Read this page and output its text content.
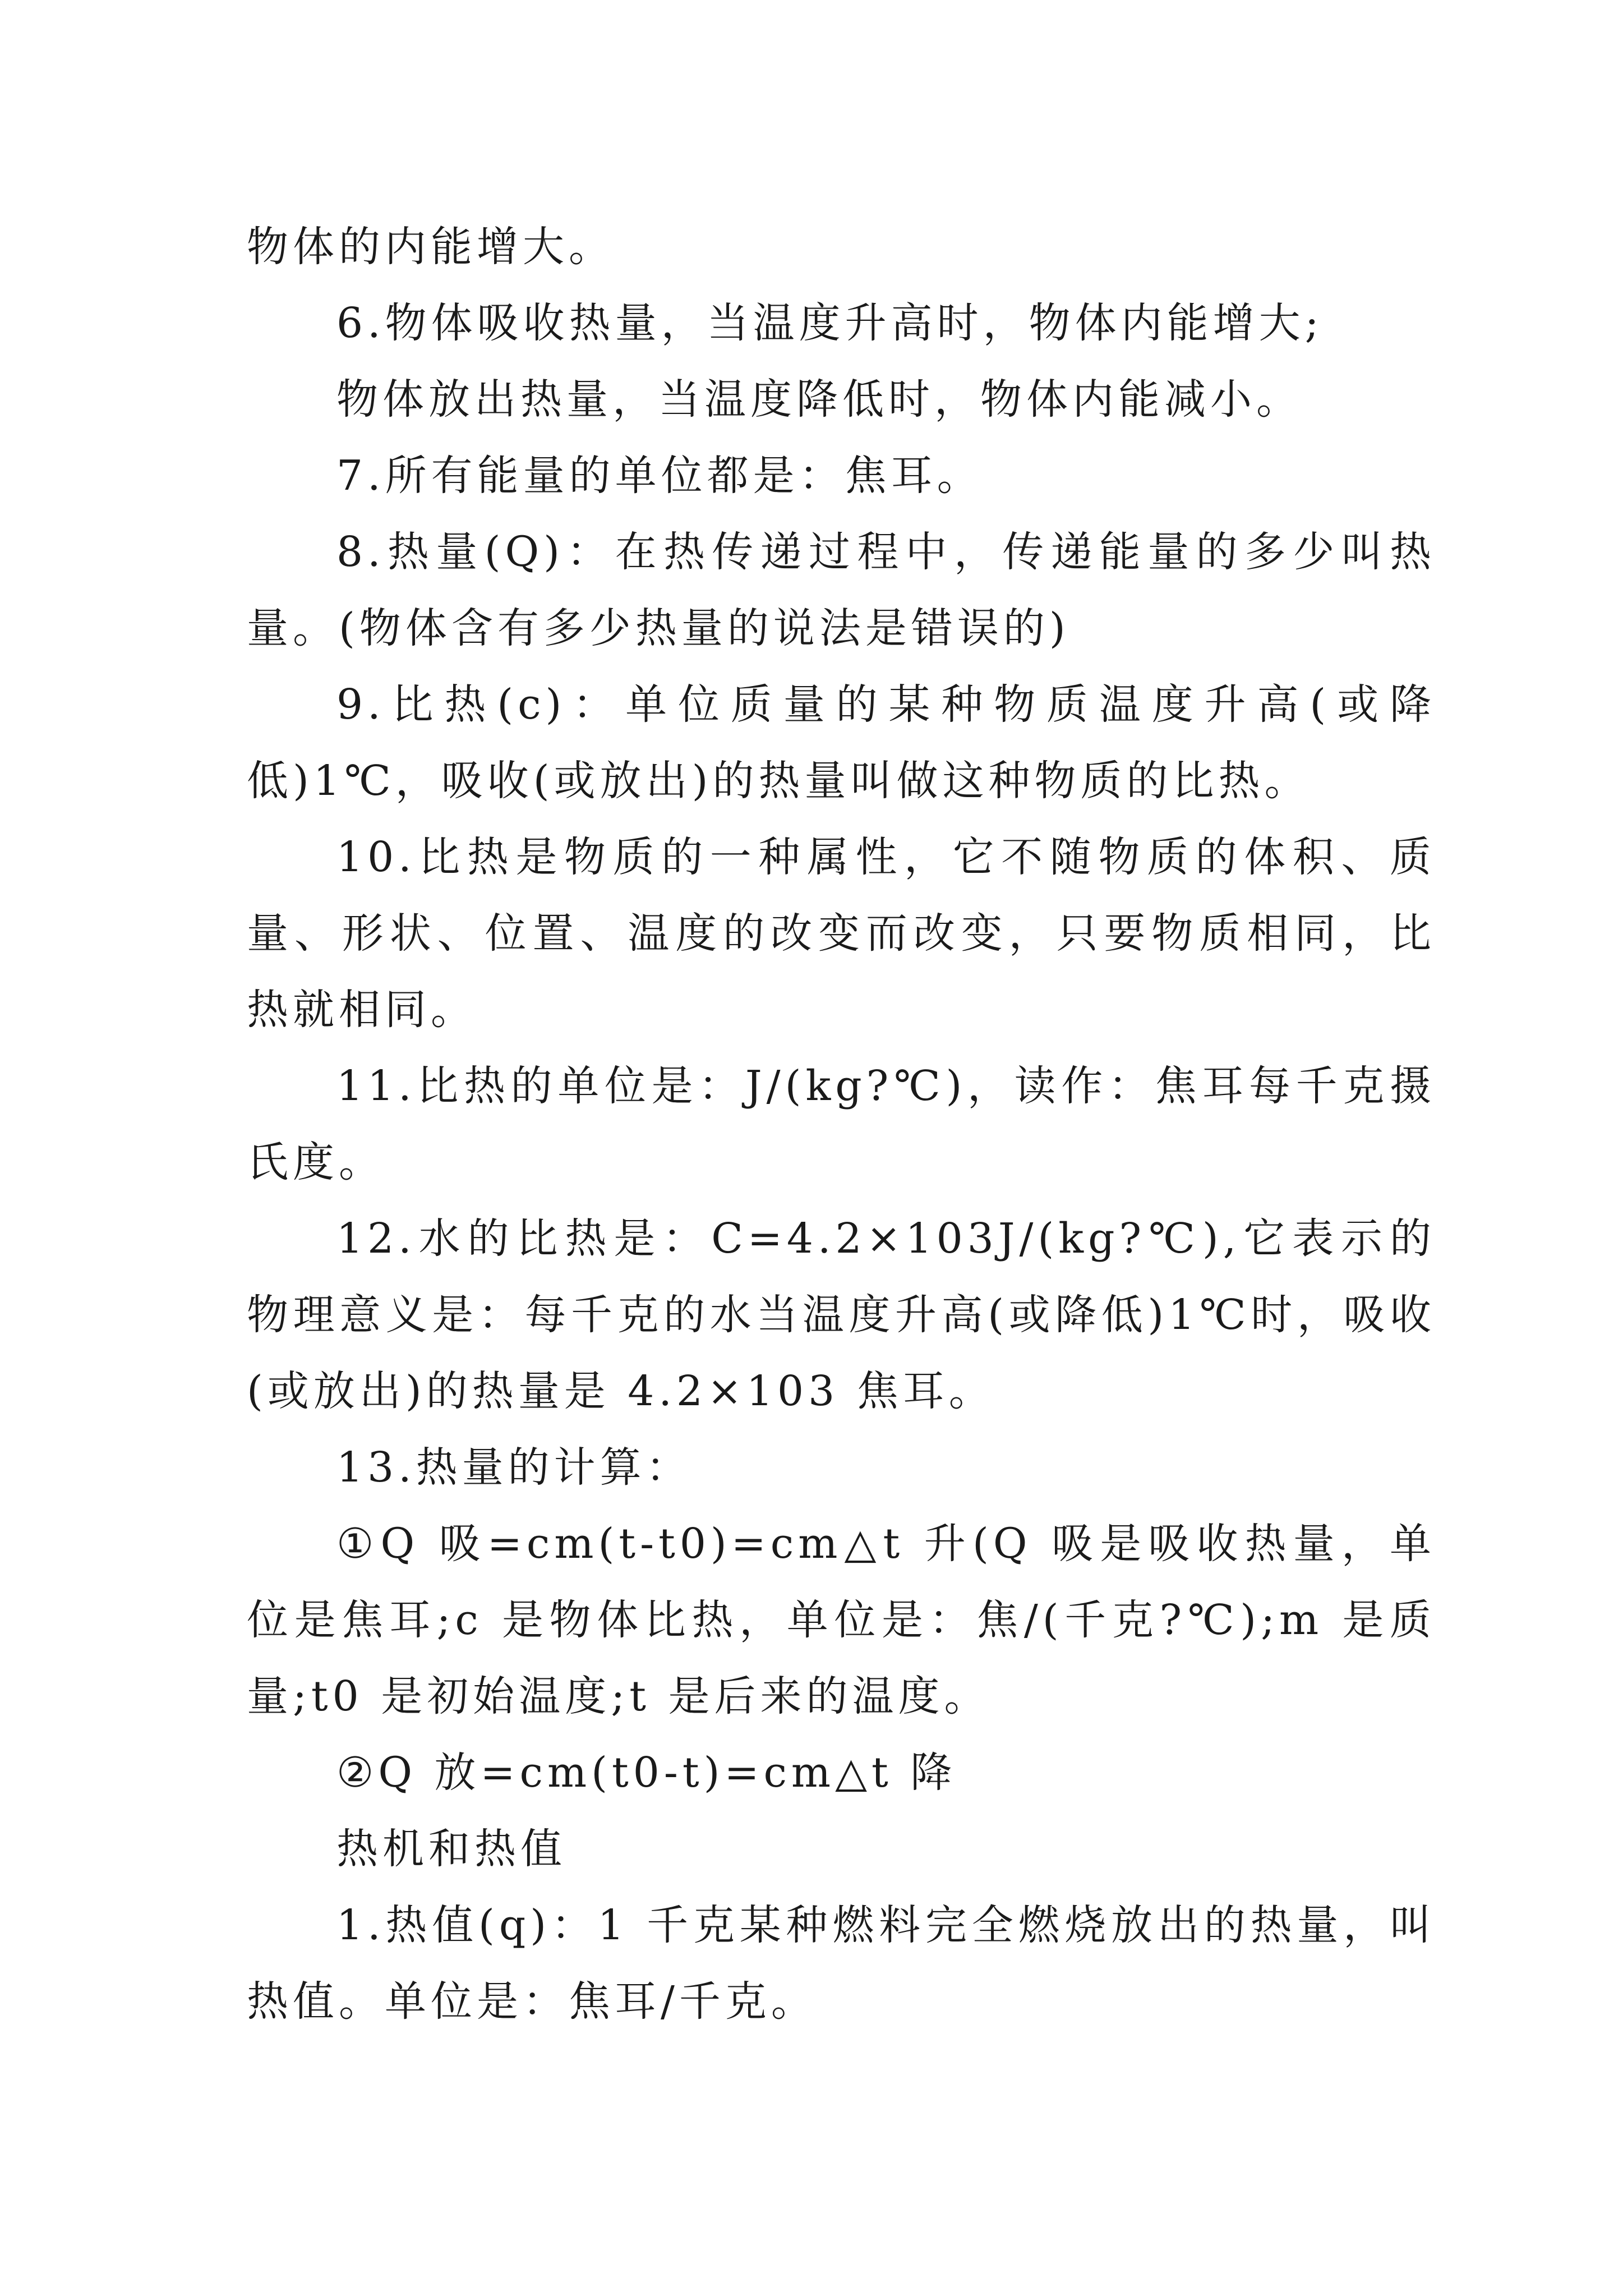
物体的内能增大。

6.物体吸收热量，当温度升高时，物体内能增大;

物体放出热量，当温度降低时，物体内能减小。

7.所有能量的单位都是：焦耳。

8.热量(Q)：在热传递过程中，传递能量的多少叫热量。(物体含有多少热量的说法是错误的)

9.比热(c)：单位质量的某种物质温度升高(或降低)1℃，吸收(或放出)的热量叫做这种物质的比热。

10.比热是物质的一种属性，它不随物质的体积、质量、形状、位置、温度的改变而改变，只要物质相同，比热就相同。

11.比热的单位是：J/(kg?℃)，读作：焦耳每千克摄氏度。

12.水的比热是：C=4.2×103J/(kg?℃),它表示的物理意义是：每千克的水当温度升高(或降低)1℃时，吸收(或放出)的热量是 4.2×103 焦耳。

13.热量的计算：

①Q 吸=cm(t-t0)=cm△t 升(Q 吸是吸收热量，单位是焦耳;c 是物体比热，单位是：焦/(千克?℃);m 是质量;t0 是初始温度;t 是后来的温度。

②Q 放=cm(t0-t)=cm△t 降

热机和热值

1.热值(q)：1 千克某种燃料完全燃烧放出的热量，叫热值。单位是：焦耳/千克。
